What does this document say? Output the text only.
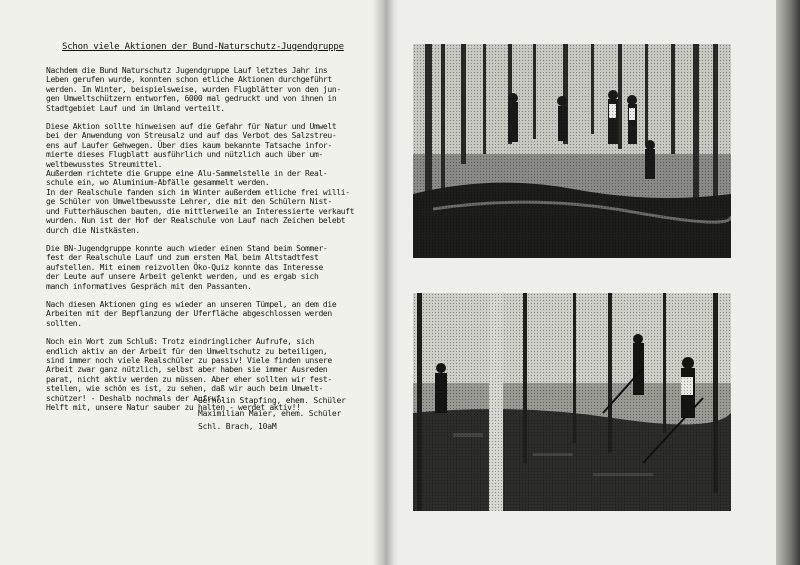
Schon viele Aktionen der Bund-Naturschutz-Jugendgruppe

Nachdem die Bund Naturschutz Jugendgruppe Lauf letztes Jahr ins
Leben gerufen wurde, konnten schon etliche Aktionen durchgeführt
werden. Im Winter, beispielsweise, wurden Flugblätter von den jun-
gen Umweltschützern entworfen, 6000 mal gedruckt und von ihnen in
Stadtgebiet Lauf und im Umland verteilt.

Diese Aktion sollte hinweisen auf die Gefahr für Natur und Umwelt
bei der Anwendung von Streusalz und auf das Verbot des Salzstreu-
ens auf Laufer Gehwegen. Über dies kaum bekannte Tatsache infor-
mierte dieses Flugblatt ausführlich und nützlich auch über um-
weltbewusstes Streumittel.
Außerdem richtete die Gruppe eine Alu-Sammelstelle in der Real-
schule ein, wo Aluminium-Abfälle gesammelt werden.
In der Realschule fanden sich im Winter außerdem etliche frei willi-
ge Schüler von Umweltbewusste Lehrer, die mit den Schülern Nist-
und Futterhäuschen bauten, die mittlerweile an Interessierte verkauft
wurden. Nun ist der Hof der Realschule von Lauf nach Zeichen belebt
durch die Nistkästen.

Die BN-Jugendgruppe konnte auch wieder einen Stand beim Sommer-
fest der Realschule Lauf und zum ersten Mal beim Altstadtfest
aufstellen. Mit einem reizvollen Öko-Quiz konnte das Interesse
der Leute auf unsere Arbeit gelenkt werden, und es ergab sich
manch informatives Gespräch mit den Passanten.

Nach diesen Aktionen ging es wieder an unseren Tümpel, an dem die
Arbeiten mit der Bepflanzung der Uferfläche abgeschlossen werden
sollten.

Noch ein Wort zum Schluß: Trotz eindringlicher Aufrufe, sich
endlich aktiv an der Arbeit für den Umweltschutz zu beteiligen,
sind immer noch viele Realschüler zu passiv! Viele finden unsere
Arbeit zwar ganz nützlich, selbst aber haben sie immer Ausreden
parat, nicht aktiv werden zu müssen. Aber eher sollten wir fest-
stellen, wie schön es ist, zu sehen, daß wir auch beim Umwelt-
schützer! - Deshalb nochmals der Aufruf:

Helft mit, unsere Natur sauber zu halten - werdet aktiv!!

Gernolin Stapfing, ehem. Schüler
Maximilian Maier, ehem. Schüler
Schl. Brach, 10aM
